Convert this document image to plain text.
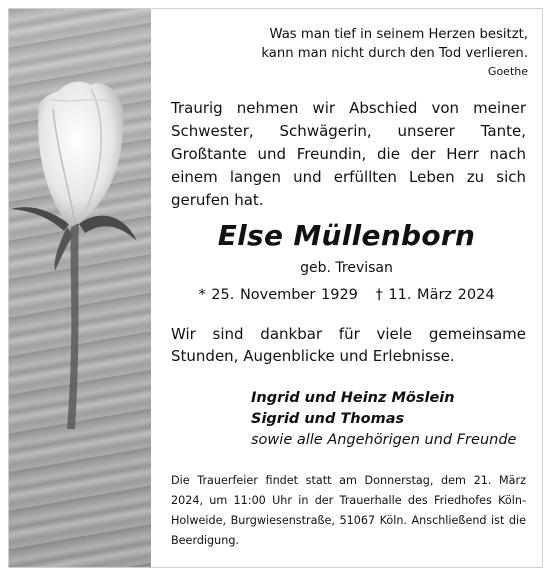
Was man tief in seinem Herzen besitzt,
kann man nicht durch den Tod verlieren.
Goethe
Traurig nehmen wir Abschied von meiner Schwester, Schwägerin, unserer Tante, Großtante und Freundin, die der Herr nach einem langen und erfüllten Leben zu sich gerufen hat.
Else Müllenborn
geb. Trevisan
* 25. November 1929 † 11. März 2024
Wir sind dankbar für viele gemeinsame Stunden, Augenblicke und Erlebnisse.
Ingrid und Heinz Möslein
Sigrid und Thomas
sowie alle Angehörigen und Freunde
Die Trauerfeier findet statt am Donnerstag, dem 21. März 2024, um 11:00 Uhr in der Trauerhalle des Friedhofes Köln-Holweide, Burgwiesenstraße, 51067 Köln. Anschließend ist die Beerdigung.
